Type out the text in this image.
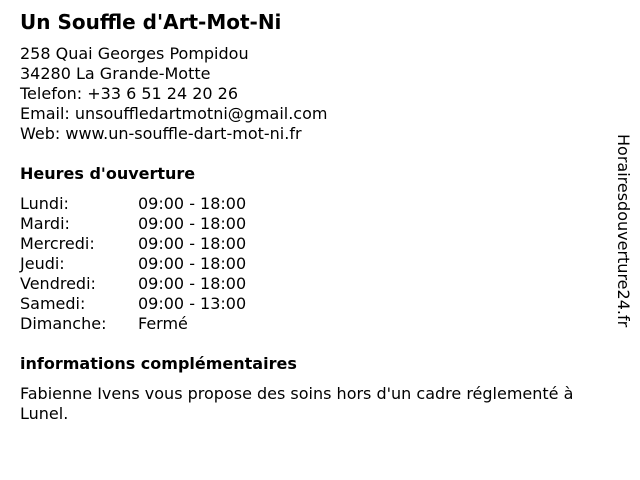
Un Souffle d'Art-Mot-Ni
258 Quai Georges Pompidou
34280 La Grande-Motte
Telefon: +33 6 51 24 20 26
Email: unsouffledartmotni@gmail.com
Web: www.un-souffle-dart-mot-ni.fr
Heures d'ouverture
Lundi:	09:00 - 18:00
Mardi:	09:00 - 18:00
Mercredi:	09:00 - 18:00
Jeudi:	09:00 - 18:00
Vendredi:	09:00 - 18:00
Samedi:	09:00 - 13:00
Dimanche: Fermé
informations complémentaires
Fabienne Ivens vous propose des soins hors d'un cadre réglementé à Lunel.
Horairesdouverture24.fr
